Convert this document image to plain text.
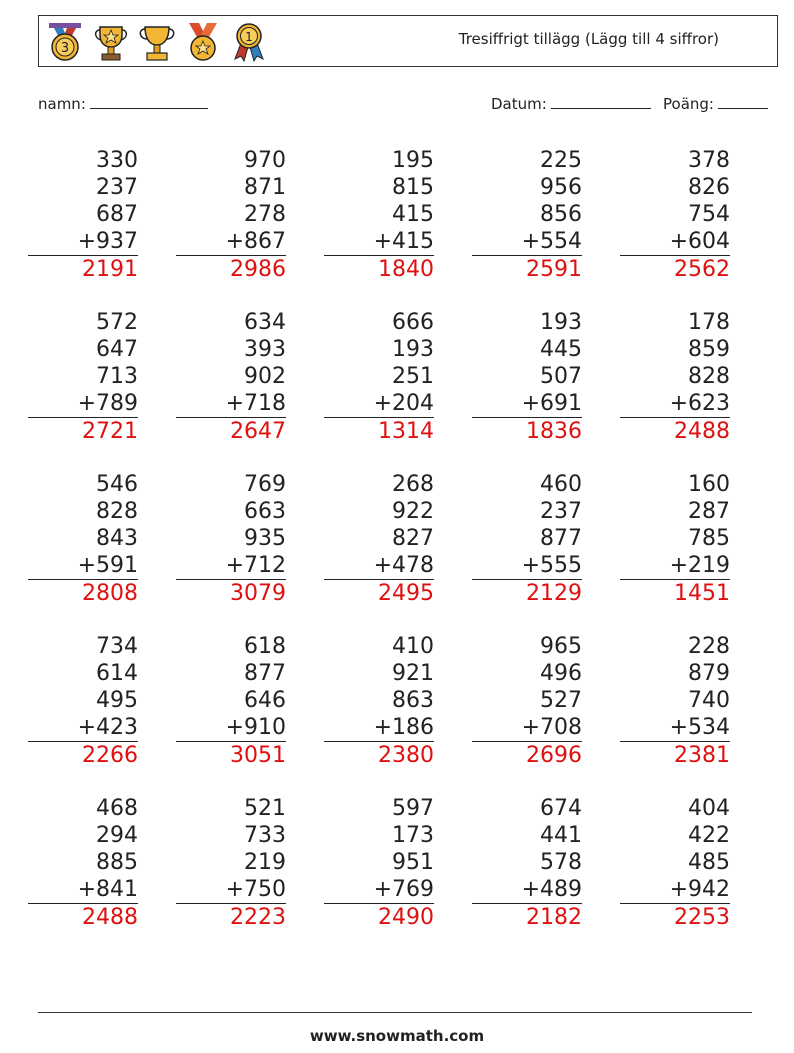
3
1	Tresiffrigt tillägg (Lägg till 4 siffror)
namn:	Datum:	Poäng:
330
237
687
+937
2191
970
871
278
+867
2986
195
815
415
+415
1840
225
956
856
+554
2591
378
826
754
+604
2562
572
647
713
+789
2721
634
393
902
+718
2647
666
193
251
+204
1314
193
445
507
+691
1836
178
859
828
+623
2488
546
828
843
+591
2808
769
663
935
+712
3079
268
922
827
+478
2495
460
237
877
+555
2129
160
287
785
+219
1451
734
614
495
+423
2266
618
877
646
+910
3051
410
921
863
+186
2380
965
496
527
+708
2696
228
879
740
+534
2381
468
294
885
+841
2488
521
733
219
+750
2223
597
173
951
+769
2490
674
441
578
+489
2182
404
422
485
+942
2253
www.snowmath.com
